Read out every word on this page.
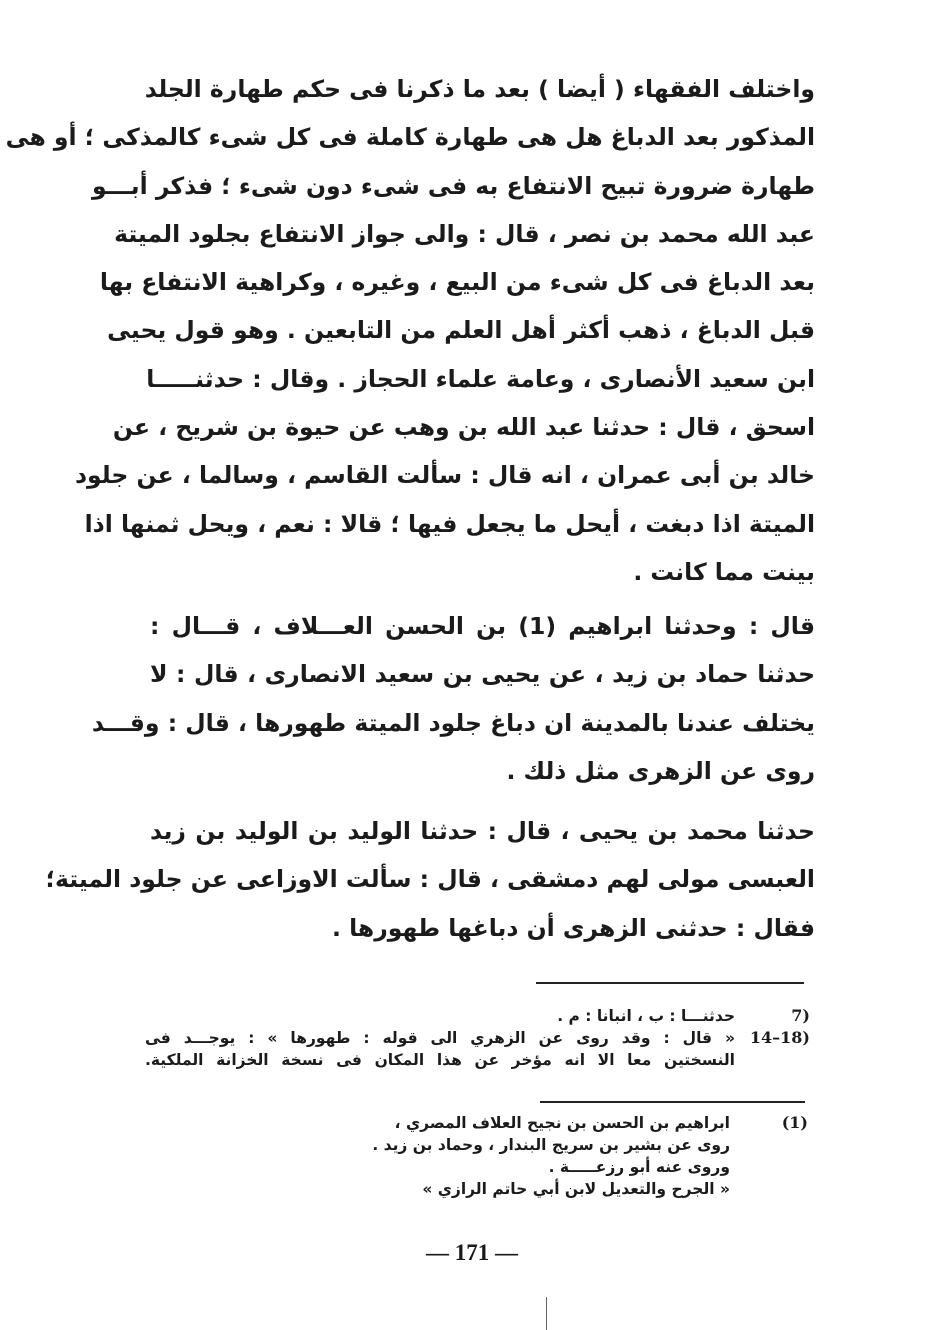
واختلف الفقهاء ( أيضا ) بعد ما ذكرنا فى حكم طهارة الجلد
المذكور بعد الدباغ هل هى طهارة كاملة فى كل شىء كالمذكى ؛ أو هى
طهارة ضرورة تبيح الانتفاع به فى شىء دون شىء ؛ فذكر أبـــو
عبد الله محمد بن نصر ، قال : والى جواز الانتفاع بجلود الميتة
بعد الدباغ فى كل شىء من البيع ، وغيره ، وكراهية الانتفاع بها
قبل الدباغ ، ذهب أكثر أهل العلم من التابعين . وهو قول يحيى
ابن سعيد الأنصارى ، وعامة علماء الحجاز . وقال : حدثنـــــا
اسحق ، قال : حدثنا عبد الله بن وهب عن حيوة بن شريح ، عن
خالد بن أبى عمران ، انه قال : سألت القاسم ، وسالما ، عن جلود
الميتة اذا دبغت ، أيحل ما يجعل فيها ؛ قالا : نعم ، ويحل ثمنها اذا
بينت مما كانت .
قال : وحدثنا ابراهيم (1) بن الحسن العـــلاف ، قـــال :
حدثنا حماد بن زيد ، عن يحيى بن سعيد الانصارى ، قال : لا
يختلف عندنا بالمدينة ان دباغ جلود الميتة طهورها ، قال : وقـــد
روى عن الزهرى مثل ذلك .
حدثنا محمد بن يحيى ، قال : حدثنا الوليد بن الوليد بن زيد
العبسى مولى لهم دمشقى ، قال : سألت الاوزاعى عن جلود الميتة؛
فقال : حدثنى الزهرى أن دباغها طهورها .
7)
حدثنـــا : ب ، انبانا : م .
14–18)
« قال : وقد روى عن الزهري الى قوله : طهورها » : يوجـــد فى
النسختين معا الا انه مؤخر عن هذا المكان فى نسخة الخزانة الملكية.
(1)
ابراهيم بن الحسن بن نجيح العلاف المصري ،
روى عن بشير بن سريج البندار ، وحماد بن زيد .
وروى عنه أبو رزعـــــة .
« الجرح والتعديل لابن أبي حاتم الرازي »
— 171 —
